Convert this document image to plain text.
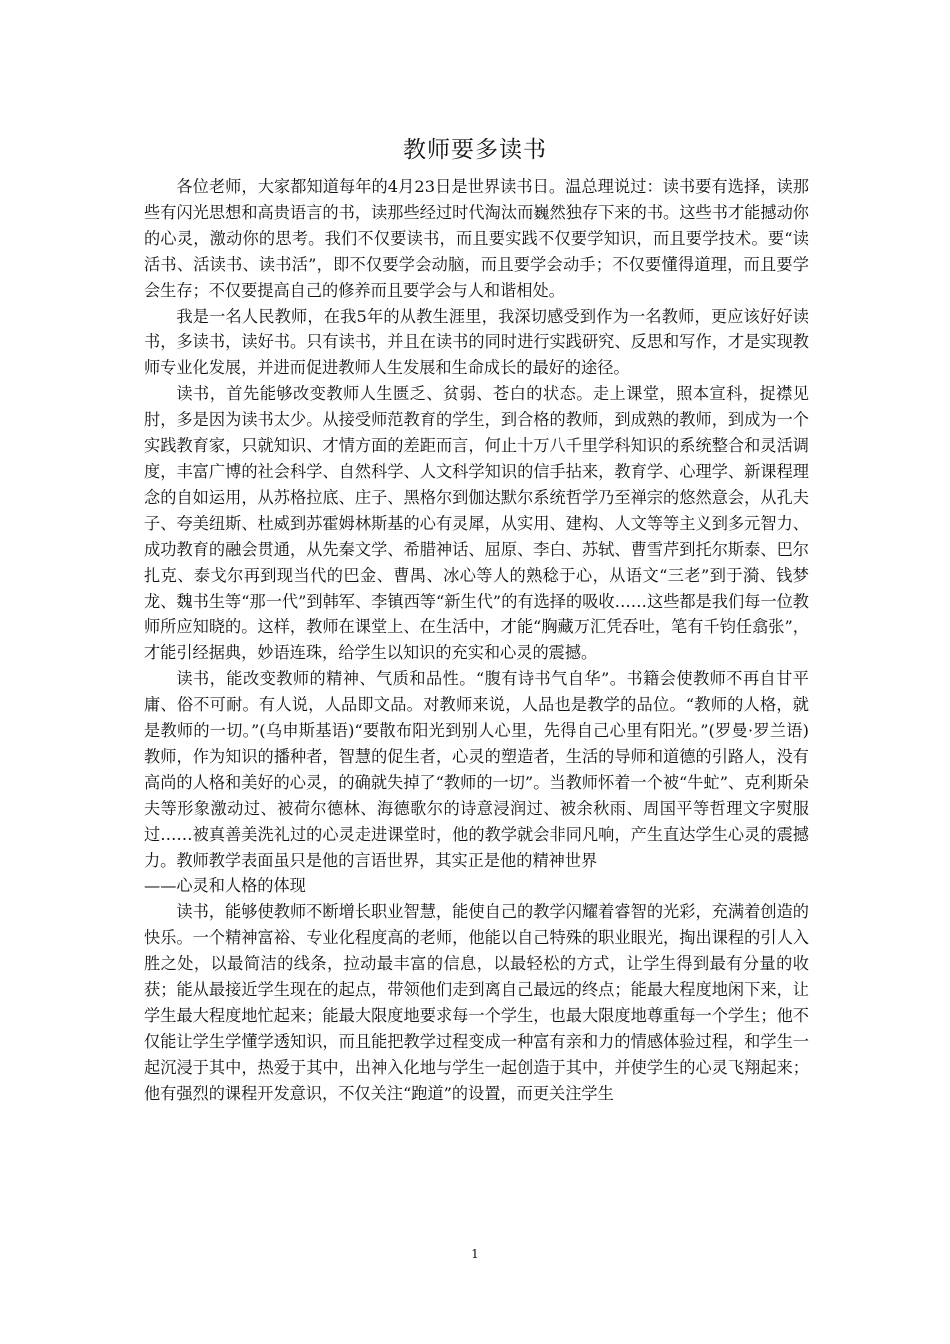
教师要多读书

各位老师，大家都知道每年的4月23日是世界读书日。温总理说过：读书要有选择，读那些有闪光思想和高贵语言的书，读那些经过时代淘汰而巍然独存下来的书。这些书才能撼动你的心灵，激动你的思考。我们不仅要读书，而且要实践不仅要学知识，而且要学技术。要“读活书、活读书、读书活”，即不仅要学会动脑，而且要学会动手；不仅要懂得道理，而且要学会生存；不仅要提高自己的修养而且要学会与人和谐相处。

我是一名人民教师，在我5年的从教生涯里，我深切感受到作为一名教师，更应该好好读书，多读书，读好书。只有读书，并且在读书的同时进行实践研究、反思和写作，才是实现教师专业化发展，并进而促进教师人生发展和生命成长的最好的途径。

读书，首先能够改变教师人生匮乏、贫弱、苍白的状态。走上课堂，照本宣科，捉襟见肘，多是因为读书太少。从接受师范教育的学生，到合格的教师，到成熟的教师，到成为一个实践教育家，只就知识、才情方面的差距而言，何止十万八千里学科知识的系统整合和灵活调度，丰富广博的社会科学、自然科学、人文科学知识的信手拈来，教育学、心理学、新课程理念的自如运用，从苏格拉底、庄子、黑格尔到伽达默尔系统哲学乃至禅宗的悠然意会，从孔夫子、夸美纽斯、杜威到苏霍姆林斯基的心有灵犀，从实用、建构、人文等等主义到多元智力、成功教育的融会贯通，从先秦文学、希腊神话、屈原、李白、苏轼、曹雪芹到托尔斯泰、巴尔扎克、泰戈尔再到现当代的巴金、曹禺、冰心等人的熟稔于心，从语文“三老”到于漪、钱梦龙、魏书生等“那一代”到韩军、李镇西等“新生代”的有选择的吸收……这些都是我们每一位教师所应知晓的。这样，教师在课堂上、在生活中，才能“胸藏万汇凭吞吐，笔有千钧任翕张”，才能引经据典，妙语连珠，给学生以知识的充实和心灵的震撼。

读书，能改变教师的精神、气质和品性。“腹有诗书气自华”。书籍会使教师不再自甘平庸、俗不可耐。有人说，人品即文品。对教师来说，人品也是教学的品位。“教师的人格，就是教师的一切。”(乌申斯基语)“要散布阳光到别人心里，先得自己心里有阳光。”(罗曼·罗兰语)教师，作为知识的播种者，智慧的促生者，心灵的塑造者，生活的导师和道德的引路人，没有高尚的人格和美好的心灵，的确就失掉了“教师的一切”。当教师怀着一个被“牛虻”、克利斯朵夫等形象激动过、被荷尔德林、海德歌尔的诗意浸润过、被余秋雨、周国平等哲理文字熨服过……被真善美洗礼过的心灵走进课堂时，他的教学就会非同凡响，产生直达学生心灵的震撼力。教师教学表面虽只是他的言语世界，其实正是他的精神世界

——心灵和人格的体现

读书，能够使教师不断增长职业智慧，能使自己的教学闪耀着睿智的光彩，充满着创造的快乐。一个精神富裕、专业化程度高的老师，他能以自己特殊的职业眼光，掏出课程的引人入胜之处，以最简洁的线条，拉动最丰富的信息，以最轻松的方式，让学生得到最有分量的收获；能从最接近学生现在的起点，带领他们走到离自己最远的终点；能最大程度地闲下来，让学生最大程度地忙起来；能最大限度地要求每一个学生，也最大限度地尊重每一个学生；他不仅能让学生学懂学透知识，而且能把教学过程变成一种富有亲和力的情感体验过程，和学生一起沉浸于其中，热爱于其中，出神入化地与学生一起创造于其中，并使学生的心灵飞翔起来；他有强烈的课程开发意识，不仅关注“跑道”的设置，而更关注学生

1
